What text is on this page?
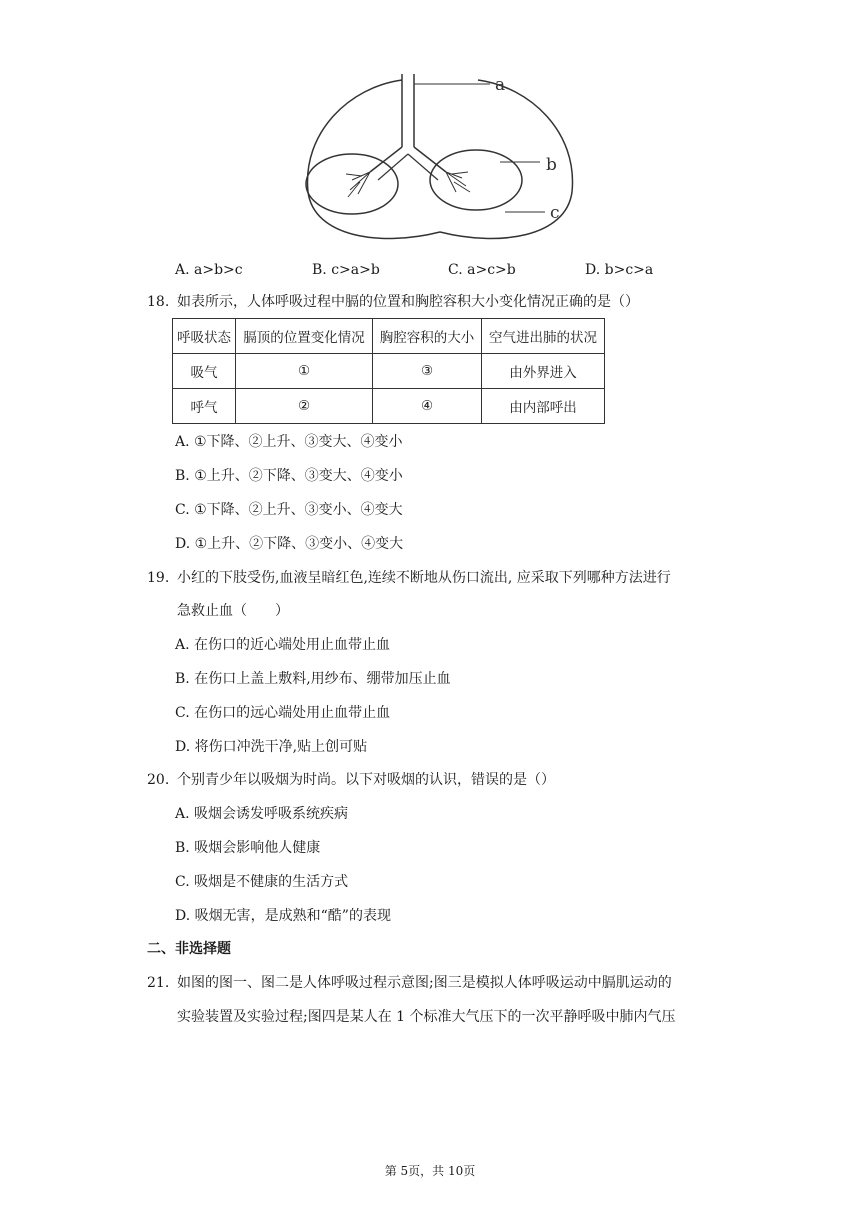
a
b
c
A. a>b>c	B. c>a>b	C. a>c>b	D. b>c>a
18. 如表所示，人体呼吸过程中膈的位置和胸腔容积大小变化情况正确的是（）
呼吸状态	膈顶的位置变化情况	胸腔容积的大小	空气进出肺的状况
吸气	①	③	由外界进入
呼气	②	④	由内部呼出
A. ①下降、②上升、③变大、④变小
B. ①上升、②下降、③变大、④变小
C. ①下降、②上升、③变小、④变大
D. ①上升、②下降、③变小、④变大
19. 小红的下肢受伤,血液呈暗红色,连续不断地从伤口流出, 应采取下列哪种方法进行
急救止血（　　）
A. 在伤口的近心端处用止血带止血
B. 在伤口上盖上敷料,用纱布、绷带加压止血
C. 在伤口的远心端处用止血带止血
D. 将伤口冲洗干净,贴上创可贴
20. 个别青少年以吸烟为时尚。以下对吸烟的认识，错误的是（）
A. 吸烟会诱发呼吸系统疾病
B. 吸烟会影响他人健康
C. 吸烟是不健康的生活方式
D. 吸烟无害，是成熟和“酷”的表现
二、非选择题
21. 如图的图一、图二是人体呼吸过程示意图;图三是模拟人体呼吸运动中膈肌运动的
实验装置及实验过程;图四是某人在 1 个标准大气压下的一次平静呼吸中肺内气压
第 5页，共 10页
